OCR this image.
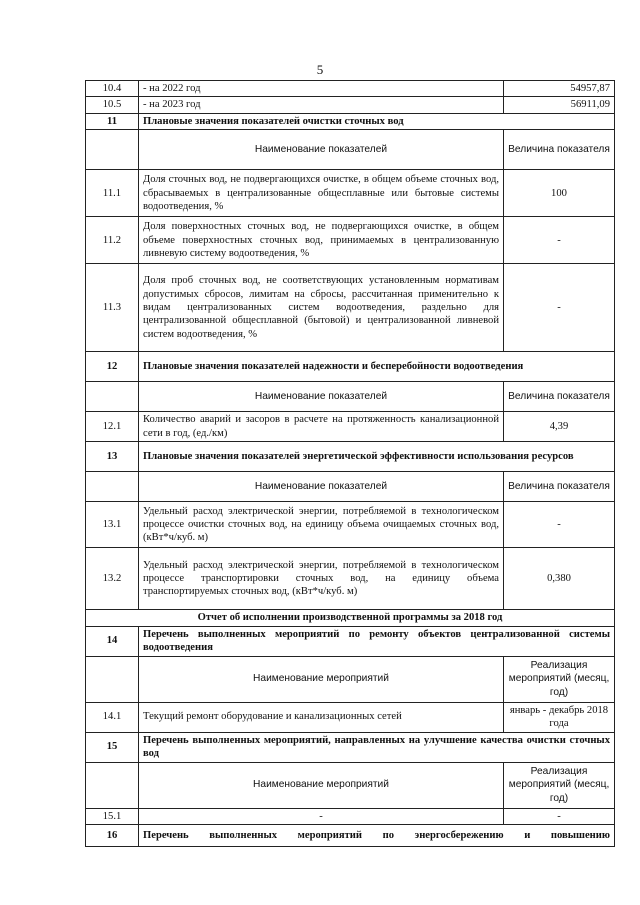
5
10.4	- на 2022 год	54957,87
10.5	- на 2023 год	56911,09
11	Плановые значения показателей очистки сточных вод	
	Наименование показателей	Величина показателя
11.1	Доля сточных вод, не подвергающихся очистке, в общем объеме сточных вод, сбрасываемых в централизованные общесплавные или бытовые системы водоотведения, %	100
11.2	Доля поверхностных сточных вод, не подвергающихся очистке, в общем объеме поверхностных сточных вод, принимаемых в централизованную ливневую систему водоотведения, %	-
11.3	Доля проб сточных вод, не соответствующих установленным нормативам допустимых сбросов, лимитам на сбросы, рассчитанная применительно к видам централизованных систем водоотведения, раздельно для централизованной общесплавной (бытовой) и централизованной ливневой систем водоотведения, %	-
12	Плановые значения показателей надежности и бесперебойности водоотведения	
	Наименование показателей	Величина показателя
12.1	Количество аварий и засоров в расчете на протяженность канализационной сети в год, (ед./км)	4,39
13	Плановые значения показателей энергетической эффективности использования ресурсов	
	Наименование показателей	Величина показателя
13.1	Удельный расход электрической энергии, потребляемой в технологическом процессе очистки сточных вод, на единицу объема очищаемых сточных вод, (кВт*ч/куб. м)	-
13.2	Удельный расход электрической энергии, потребляемой в технологическом процессе транспортировки сточных вод, на единицу объема транспортируемых сточных вод, (кВт*ч/куб. м)	0,380
Отчет об исполнении производственной программы за 2018 год		
14	Перечень выполненных мероприятий по ремонту объектов централизованной системы водоотведения	
	Наименование мероприятий	Реализация мероприятий (месяц, год)
14.1	Текущий ремонт оборудование и канализационных сетей	январь - декабрь 2018 года
15	Перечень выполненных мероприятий, направленных на улучшение качества очистки сточных вод	
	Наименование мероприятий	Реализация мероприятий (месяц, год)
15.1	-	-
16	Перечень выполненных мероприятий по энергосбережению и повышению	
